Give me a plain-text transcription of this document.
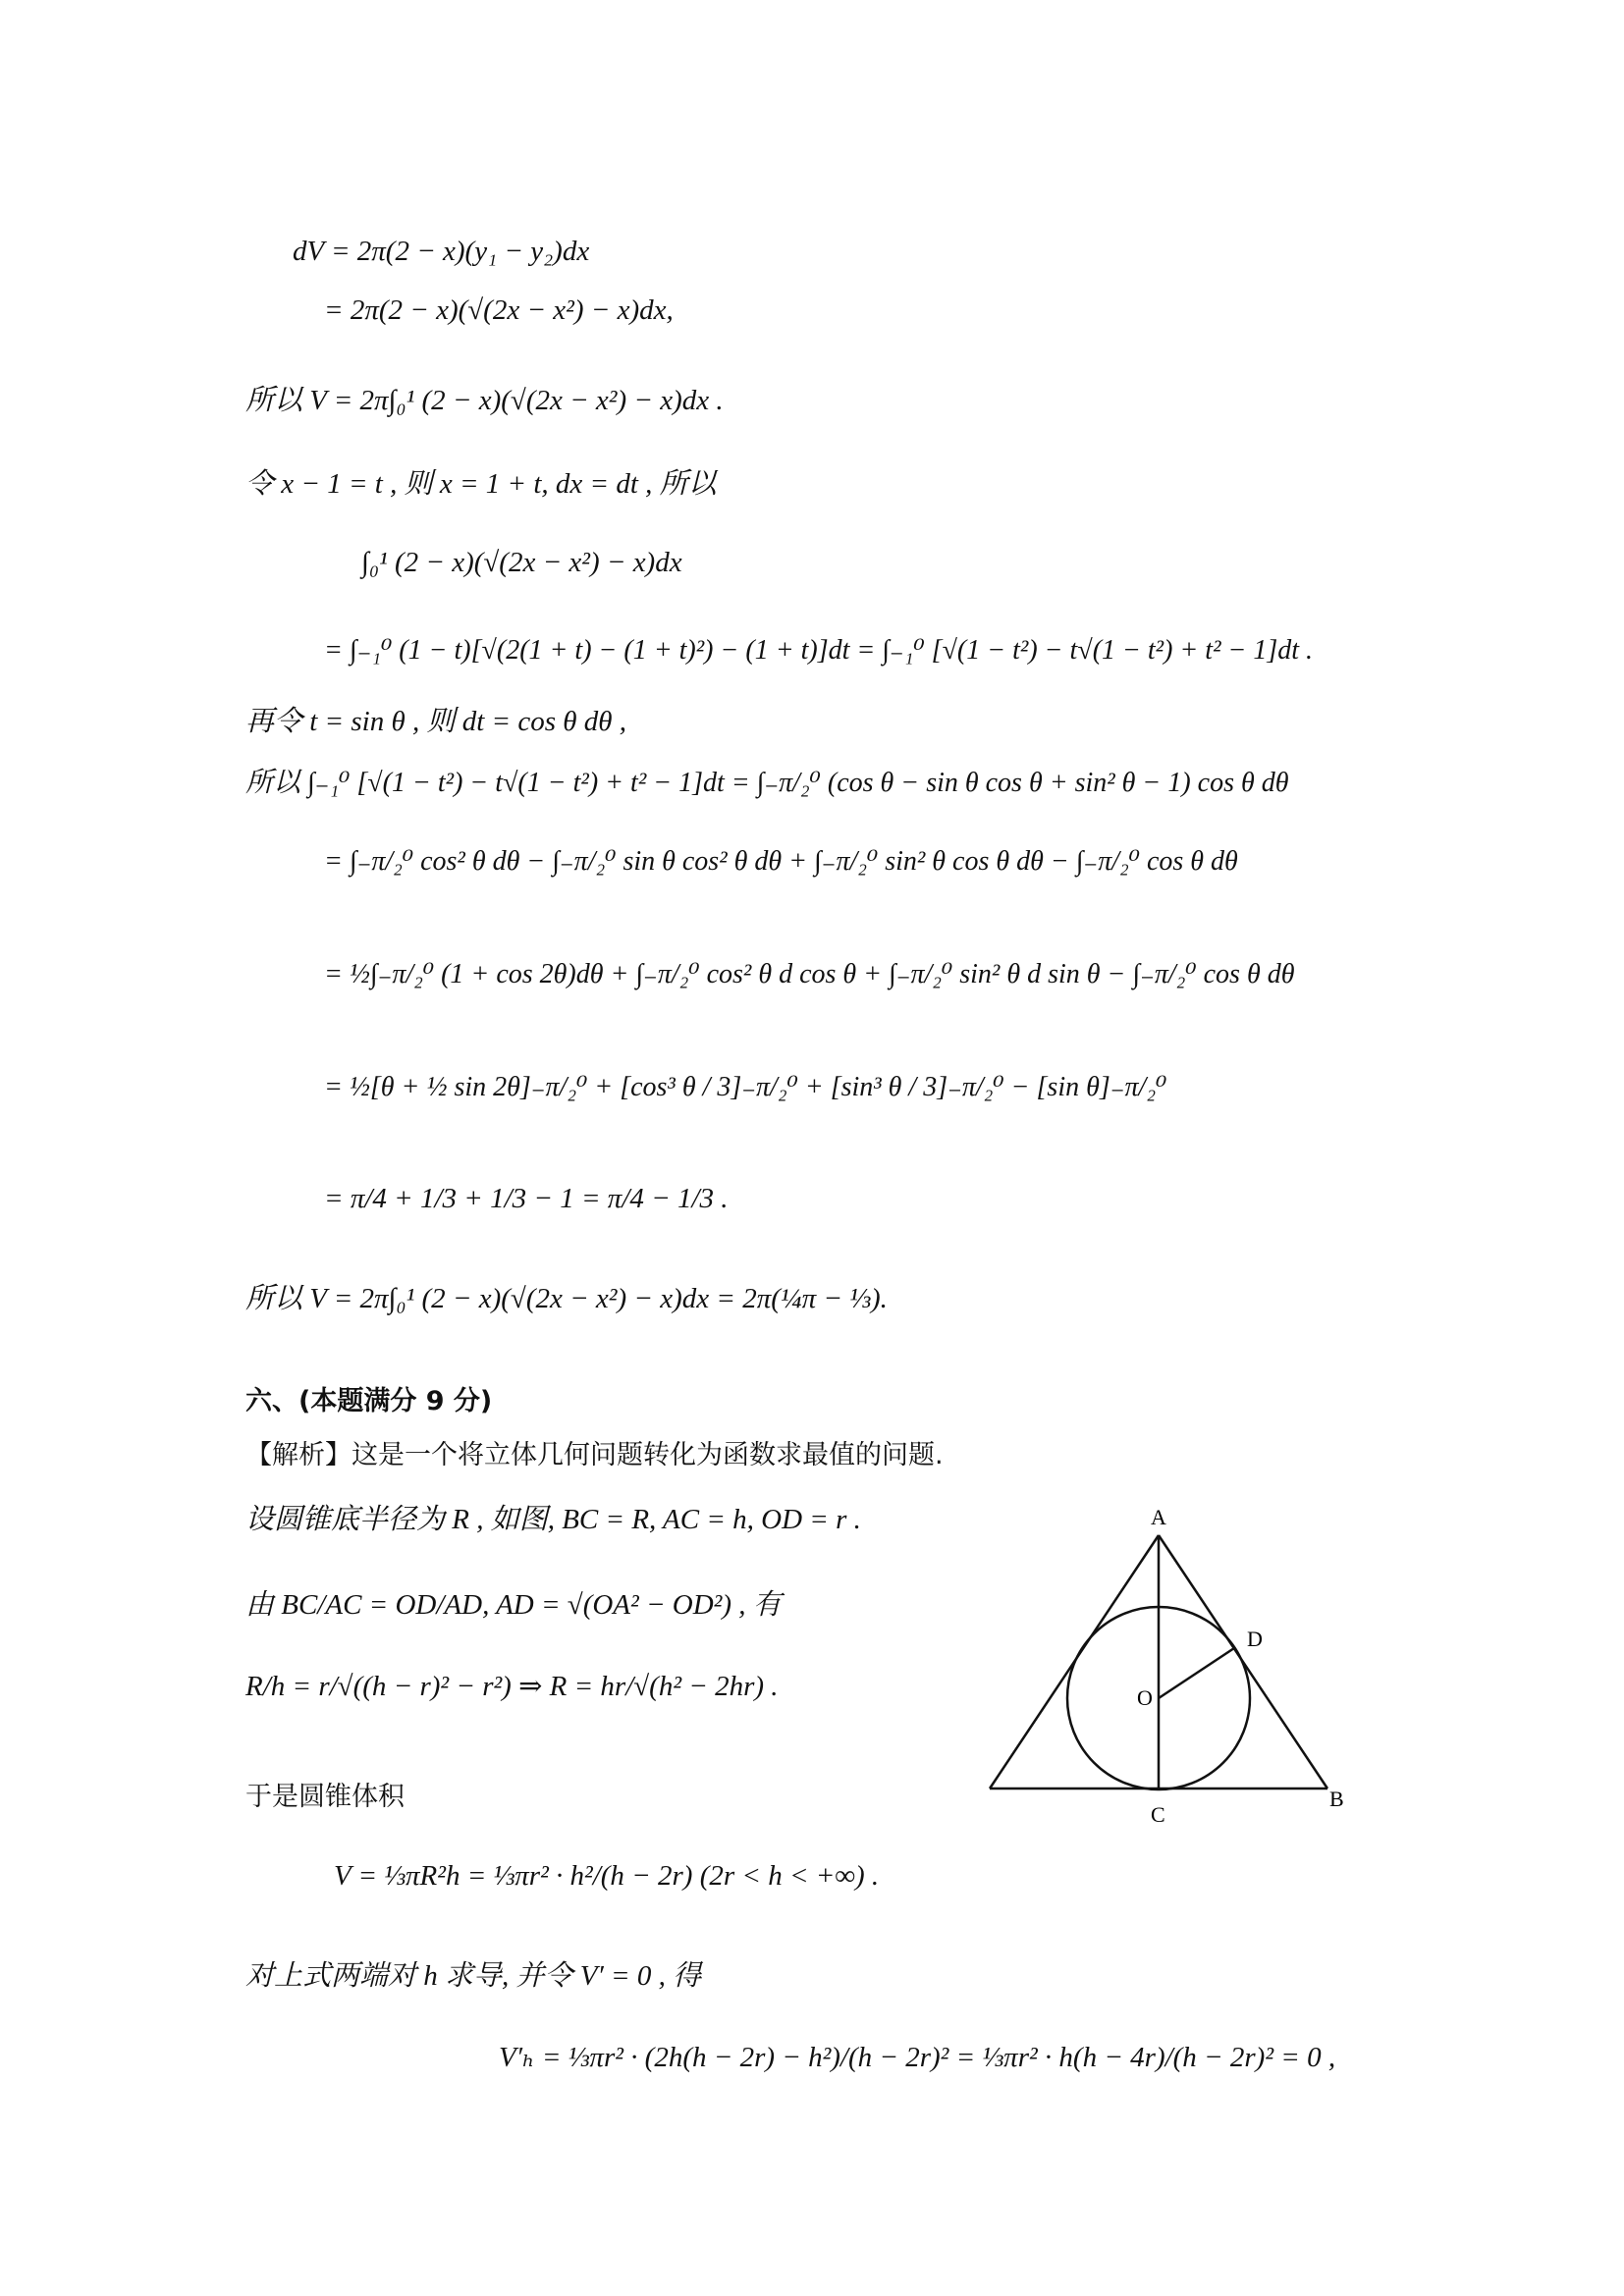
dV = 2π(2 − x)(y₁ − y₂)dx
= 2π(2 − x)(√(2x − x²) − x)dx,
所以 V = 2π∫₀¹ (2 − x)(√(2x − x²) − x)dx .
令 x − 1 = t , 则 x = 1 + t, dx = dt , 所以
∫₀¹ (2 − x)(√(2x − x²) − x)dx
= ∫₋₁⁰ (1 − t)[√(2(1 + t) − (1 + t)²) − (1 + t)]dt = ∫₋₁⁰ [√(1 − t²) − t√(1 − t²) + t² − 1]dt .
再令 t = sin θ , 则 dt = cos θ dθ ,
所以 ∫₋₁⁰ [√(1 − t²) − t√(1 − t²) + t² − 1]dt = ∫₋π/₂⁰ (cos θ − sin θ cos θ + sin² θ − 1) cos θ dθ
= ∫₋π/₂⁰ cos² θ dθ − ∫₋π/₂⁰ sin θ cos² θ dθ + ∫₋π/₂⁰ sin² θ cos θ dθ − ∫₋π/₂⁰ cos θ dθ
= ½∫₋π/₂⁰ (1 + cos 2θ)dθ + ∫₋π/₂⁰ cos² θ d cos θ + ∫₋π/₂⁰ sin² θ d sin θ − ∫₋π/₂⁰ cos θ dθ
= ½[θ + ½ sin 2θ]₋π/₂⁰ + [cos³ θ / 3]₋π/₂⁰ + [sin³ θ / 3]₋π/₂⁰ − [sin θ]₋π/₂⁰
= π/4 + 1/3 + 1/3 − 1 = π/4 − 1/3 .
所以 V = 2π∫₀¹ (2 − x)(√(2x − x²) − x)dx = 2π(¼π − ⅓).
六、(本题满分 9 分)
【解析】这是一个将立体几何问题转化为函数求最值的问题.
设圆锥底半径为 R , 如图, BC = R, AC = h, OD = r .
由 BC/AC = OD/AD, AD = √(OA² − OD²) , 有
R/h = r/√((h − r)² − r²) ⇒ R = hr/√(h² − 2hr) .
于是圆锥体积
V = ⅓πR²h = ⅓πr² · h²/(h − 2r) (2r < h < +∞) .
对上式两端对 h 求导, 并令 V′ = 0 , 得
V′ₕ = ⅓πr² · (2h(h − 2r) − h²)/(h − 2r)² = ⅓πr² · h(h − 4r)/(h − 2r)² = 0 ,
A
D
O
C
B
